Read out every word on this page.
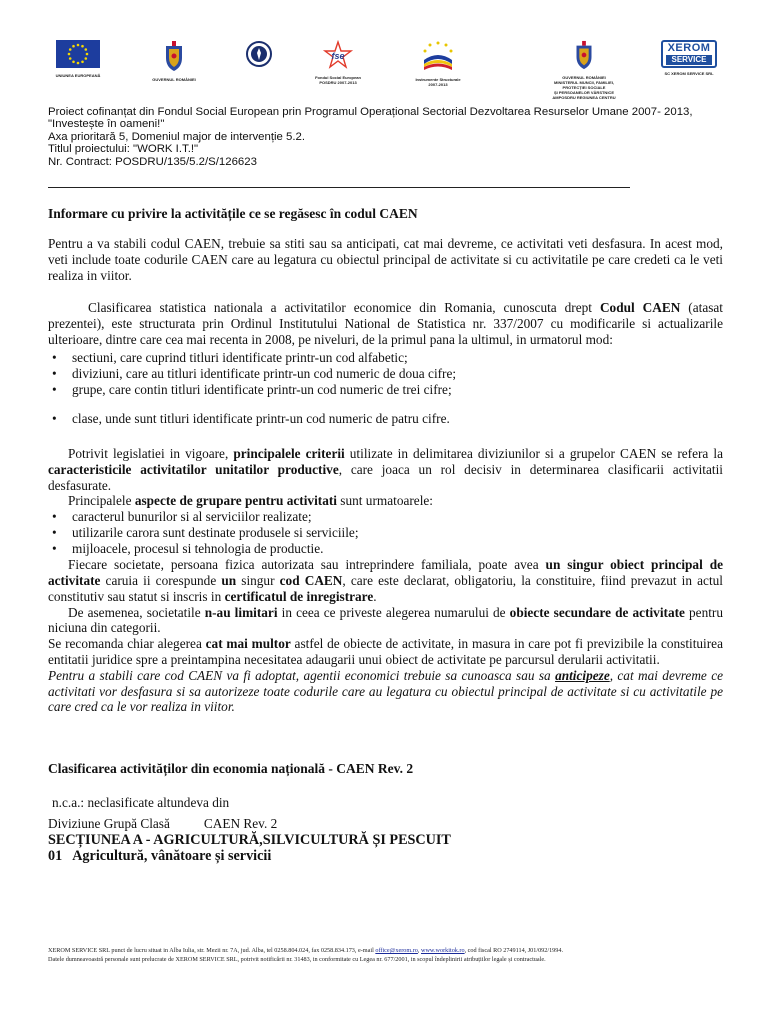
UNIUNEA EUROPEANĂ
GUVERNUL ROMÂNIEI
fse
Fondul Social European
POSDRU 2007-2013
Instrumente Structurale
2007-2013
GUVERNUL ROMÂNIEI
MINISTERUL MUNCII, FAMILIEI,
PROTECȚIEI SOCIALE
ȘI PERSOANELOR VÂRSTNICE
AMPOSDRU REGIUNEA CENTRU
XEROM
SERVICE
SC XEROM SERVICE SRL
Proiect cofinanțat din Fondul Social European prin Programul Operațional Sectorial Dezvoltarea Resurselor Umane 2007- 2013,
"Investește în oameni!"
Axa prioritară 5, Domeniul major de intervenție 5.2.
Titlul proiectului: "WORK I.T.!"
Nr. Contract: POSDRU/135/5.2/S/126623

Informare cu privire la activitățile ce se regăsesc în codul CAEN

Pentru a va stabili codul CAEN, trebuie sa stiti sau sa anticipati, cat mai devreme, ce activitati veti desfasura. In acest mod, veti include toate codurile CAEN care au legatura cu obiectul principal de activitate si cu activitatile pe care credeti ca le veti realiza in viitor.

Clasificarea statistica nationala a activitatilor economice din Romania, cunoscuta drept Codul CAEN (atasat prezentei), este structurata prin Ordinul Institutului National de Statistica nr. 337/2007 cu modificarile si actualizarile ulterioare, dintre care cea mai recenta in 2008, pe niveluri, de la primul pana la ultimul, in urmatorul mod:

• sectiuni, care cuprind titluri identificate printr-un cod alfabetic;
• diviziuni, care au titluri identificate printr-un cod numeric de doua cifre;
• grupe, care contin titluri identificate printr-un cod numeric de trei cifre;
• clase, unde sunt titluri identificate printr-un cod numeric de patru cifre.

Potrivit legislatiei in vigoare, principalele criterii utilizate in delimitarea diviziunilor si a grupelor CAEN se refera la caracteristicile activitatilor unitatilor productive, care joaca un rol decisiv in determinarea clasificarii activitatii desfasurate.

Principalele aspecte de grupare pentru activitati sunt urmatoarele:

• caracterul bunurilor si al serviciilor realizate;
• utilizarile carora sunt destinate produsele si serviciile;
• mijloacele, procesul si tehnologia de productie.

Fiecare societate, persoana fizica autorizata sau intreprindere familiala, poate avea un singur obiect principal de activitate caruia ii corespunde un singur cod CAEN, care este declarat, obligatoriu, la constituire, fiind prevazut in actul constitutiv sau statut si inscris in certificatul de inregistrare.

De asemenea, societatile n-au limitari in ceea ce priveste alegerea numarului de obiecte secundare de activitate pentru niciuna din categorii.

Se recomanda chiar alegerea cat mai multor astfel de obiecte de activitate, in masura in care pot fi previzibile la constituirea entitatii juridice spre a preintampina necesitatea adaugarii unui obiect de activitate pe parcursul derularii activitatii.

Pentru a stabili care cod CAEN va fi adoptat, agentii economici trebuie sa cunoasca sau sa anticipeze, cat mai devreme ce activitati vor desfasura si sa autorizeze toate codurile care au legatura cu obiectul principal de activitate si cu activitatile pe care cred ca le vor realiza in viitor.

Clasificarea activităților din economia națională - CAEN Rev. 2

n.c.a.: neclasificate altundeva din

Diviziune Grupă Clasă	CAEN Rev. 2
SECȚIUNEA A - AGRICULTURĂ,SILVICULTURĂ ȘI PESCUIT
01 Agricultură, vânătoare și servicii
XEROM SERVICE SRL punct de lucru situat in Alba Iulia, str. Mezii nr. 7A, jud. Alba, tel 0258.804.024, fax 0258.834.173, e-mail office@xerom.ro, www.workitok.ro, cod fiscal RO 2749114, J01/092/1994.
Datele dumneavoastră personale sunt prelucrate de XEROM SERVICE SRL, potrivit notificării nr. 31483, in conformitate cu Legea nr. 677/2001, in scopul îndeplinirii atribuțiilor legale și contractuale.
